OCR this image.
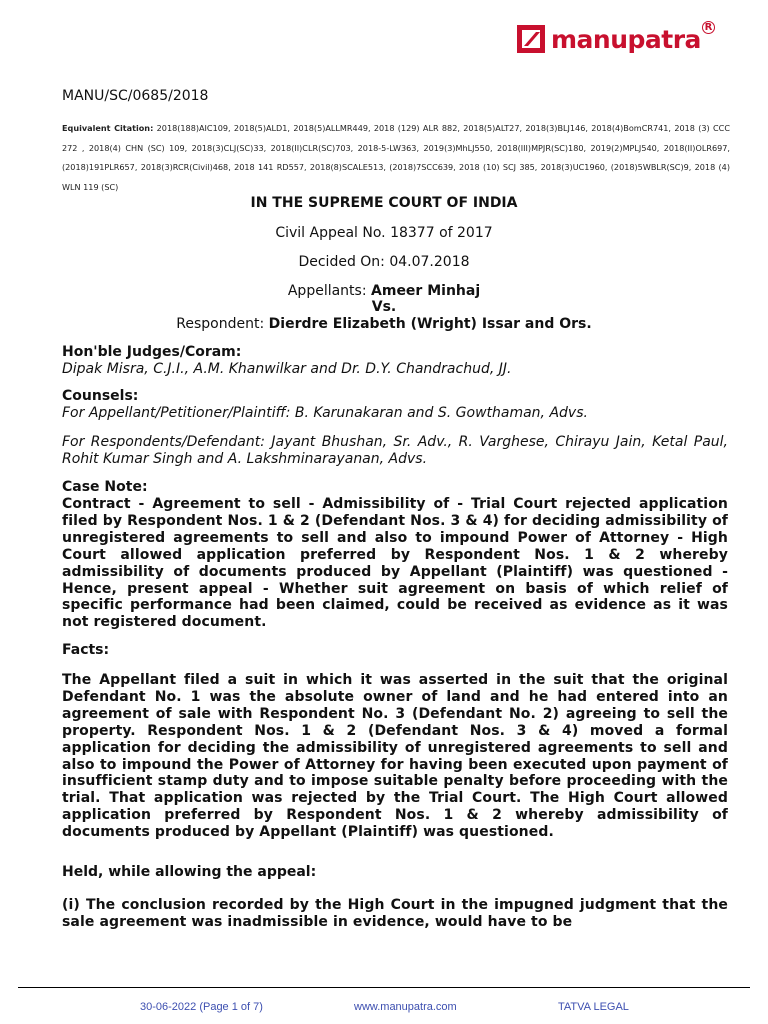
manupatra R
MANU/SC/0685/2018
Equivalent Citation: 2018(188)AIC109, 2018(5)ALD1, 2018(5)ALLMR449, 2018 (129) ALR 882, 2018(5)ALT27, 2018(3)BLJ146, 2018(4)BomCR741, 2018 (3) CCC 272 , 2018(4) CHN (SC) 109, 2018(3)CLJ(SC)33, 2018(II)CLR(SC)703, 2018-5-LW363, 2019(3)MhLJ550, 2018(III)MPJR(SC)180, 2019(2)MPLJ540, 2018(II)OLR697, (2018)191PLR657, 2018(3)RCR(Civil)468, 2018 141 RD557, 2018(8)SCALE513, (2018)7SCC639, 2018 (10) SCJ 385, 2018(3)UC1960, (2018)5WBLR(SC)9, 2018 (4) WLN 119 (SC)
IN THE SUPREME COURT OF INDIA
Civil Appeal No. 18377 of 2017
Decided On: 04.07.2018
Appellants: Ameer Minhaj
Vs.
Respondent: Dierdre Elizabeth (Wright) Issar and Ors.
Hon'ble Judges/Coram:
Dipak Misra, C.J.I., A.M. Khanwilkar and Dr. D.Y. Chandrachud, JJ.
Counsels:
For Appellant/Petitioner/Plaintiff: B. Karunakaran and S. Gowthaman, Advs.
For Respondents/Defendant: Jayant Bhushan, Sr. Adv., R. Varghese, Chirayu Jain, Ketal Paul, Rohit Kumar Singh and A. Lakshminarayanan, Advs.
Case Note:
Contract - Agreement to sell - Admissibility of - Trial Court rejected application filed by Respondent Nos. 1 & 2 (Defendant Nos. 3 & 4) for deciding admissibility of unregistered agreements to sell and also to impound Power of Attorney - High Court allowed application preferred by Respondent Nos. 1 & 2 whereby admissibility of documents produced by Appellant (Plaintiff) was questioned - Hence, present appeal - Whether suit agreement on basis of which relief of specific performance had been claimed, could be received as evidence as it was not registered document.
Facts:
The Appellant filed a suit in which it was asserted in the suit that the original Defendant No. 1 was the absolute owner of land and he had entered into an agreement of sale with Respondent No. 3 (Defendant No. 2) agreeing to sell the property. Respondent Nos. 1 & 2 (Defendant Nos. 3 & 4) moved a formal application for deciding the admissibility of unregistered agreements to sell and also to impound the Power of Attorney for having been executed upon payment of insufficient stamp duty and to impose suitable penalty before proceeding with the trial. That application was rejected by the Trial Court. The High Court allowed application preferred by Respondent Nos. 1 & 2 whereby admissibility of documents produced by Appellant (Plaintiff) was questioned.
Held, while allowing the appeal:
(i) The conclusion recorded by the High Court in the impugned judgment that the sale agreement was inadmissible in evidence, would have to be
30-06-2022 (Page 1 of 7)	www.manupatra.com	TATVA LEGAL
